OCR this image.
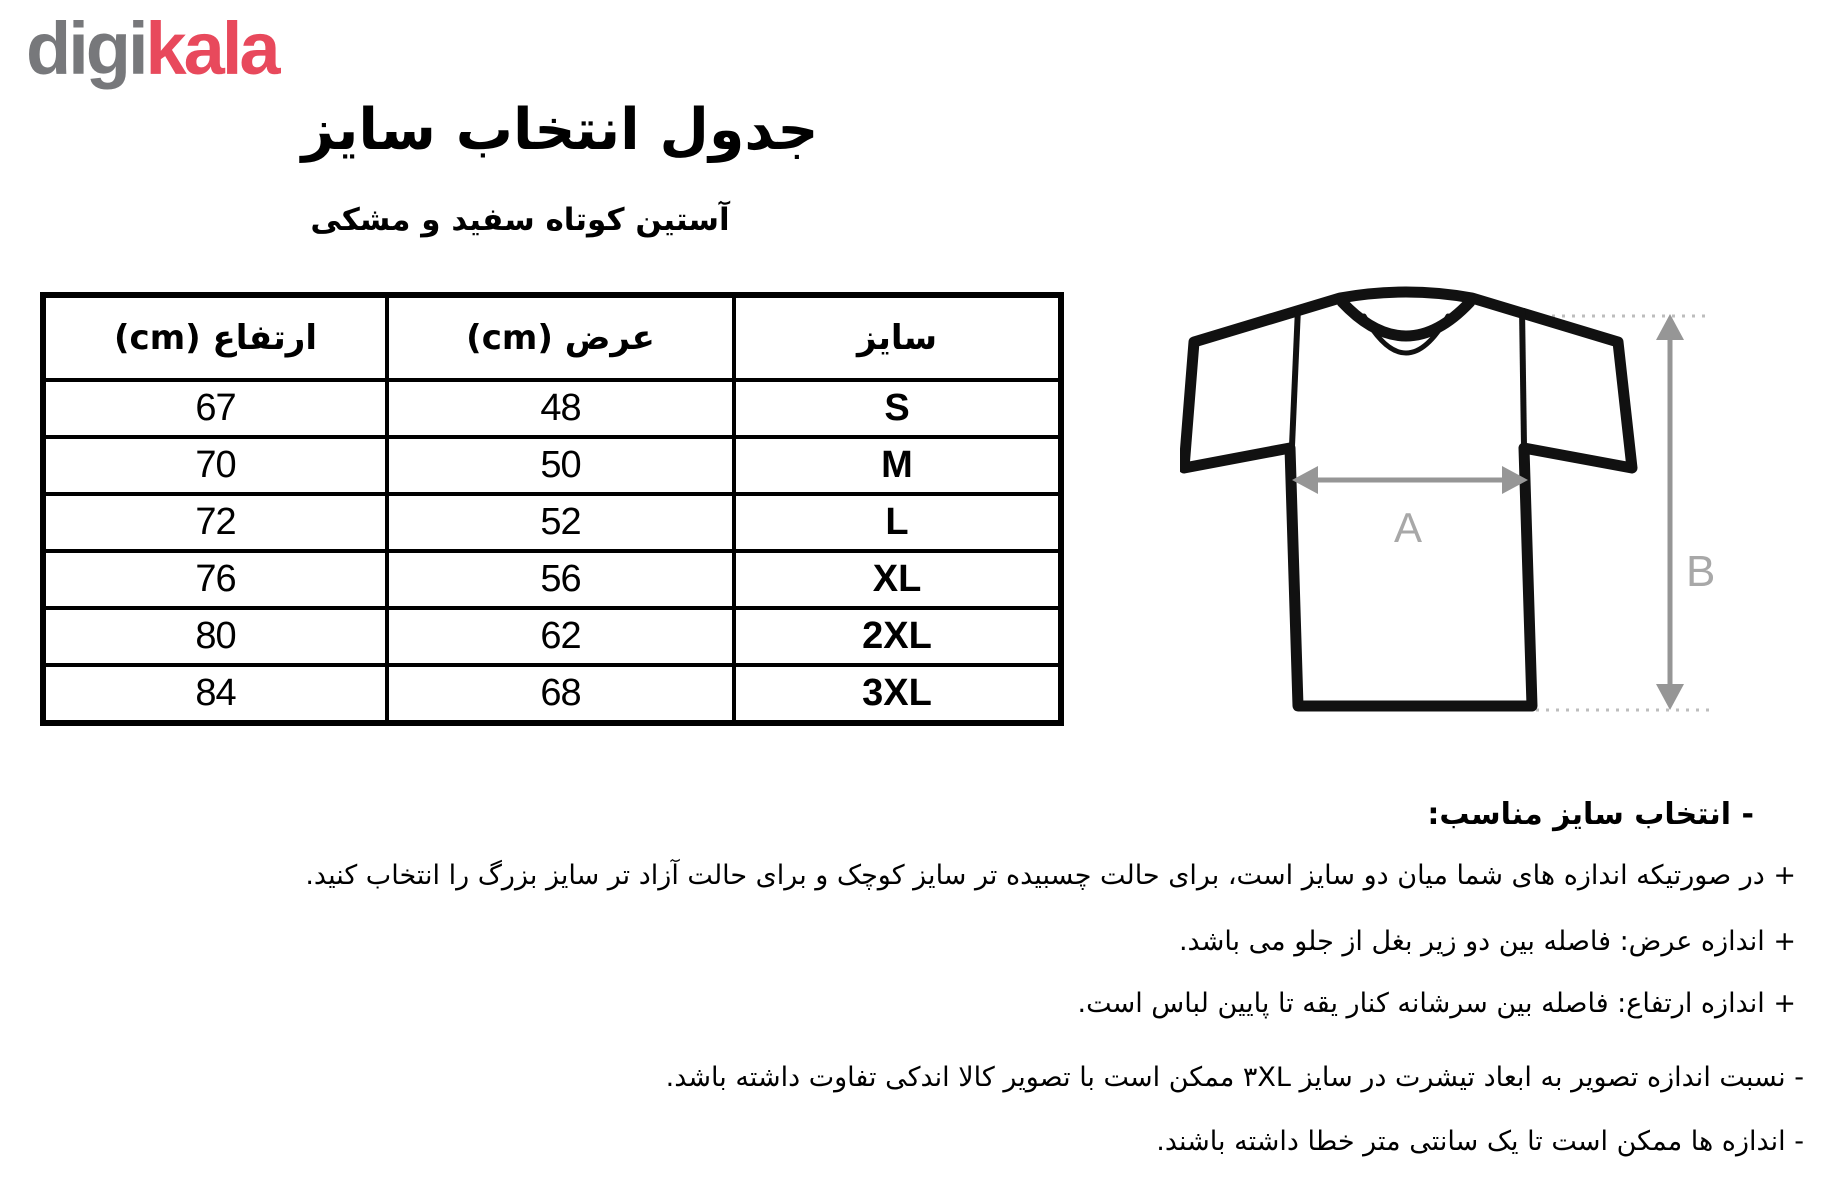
digikala
جدول انتخاب سایز
آستین کوتاه سفید و مشکی
ارتفاع (cm)	عرض (cm)	سایز
67	48	S
70	50	M
72	52	L
76	56	XL
80	62	2XL
84	68	3XL
A
B
- انتخاب سایز مناسب:
+ در صورتیکه اندازه های شما میان دو سایز است، برای حالت چسبیده تر سایز کوچک و برای حالت آزاد تر سایز بزرگ را انتخاب کنید.
+ اندازه عرض: فاصله بین دو زیر بغل از جلو می باشد.
+ اندازه ارتفاع: فاصله بین سرشانه کنار یقه تا پایین لباس است.
- نسبت اندازه تصویر به ابعاد تیشرت در سایز ⁦۳XL⁩ ممکن است با تصویر کالا اندکی تفاوت داشته باشد.
- اندازه ها ممکن است تا یک سانتی متر خطا داشته باشند.
